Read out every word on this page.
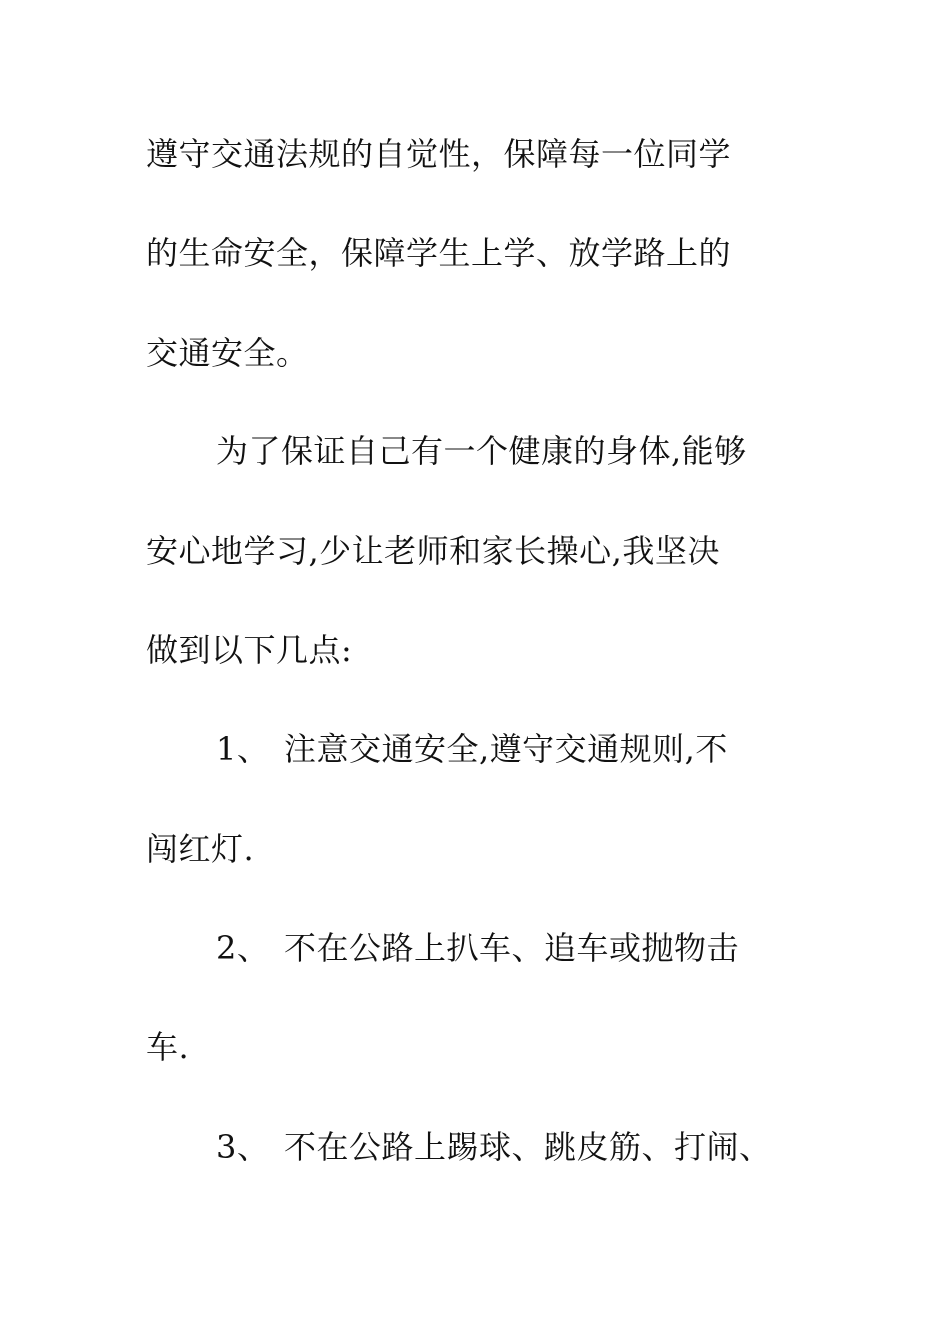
遵守交通法规的自觉性，保障每一位同学

的生命安全，保障学生上学、放学路上的

交通安全。

为了保证自己有一个健康的身体,能够

安心地学习,少让老师和家长操心,我坚决

做到以下几点:

1、 注意交通安全,遵守交通规则,不

闯红灯.

2、 不在公路上扒车、追车或抛物击

车.

3、 不在公路上踢球、跳皮筋、打闹、
